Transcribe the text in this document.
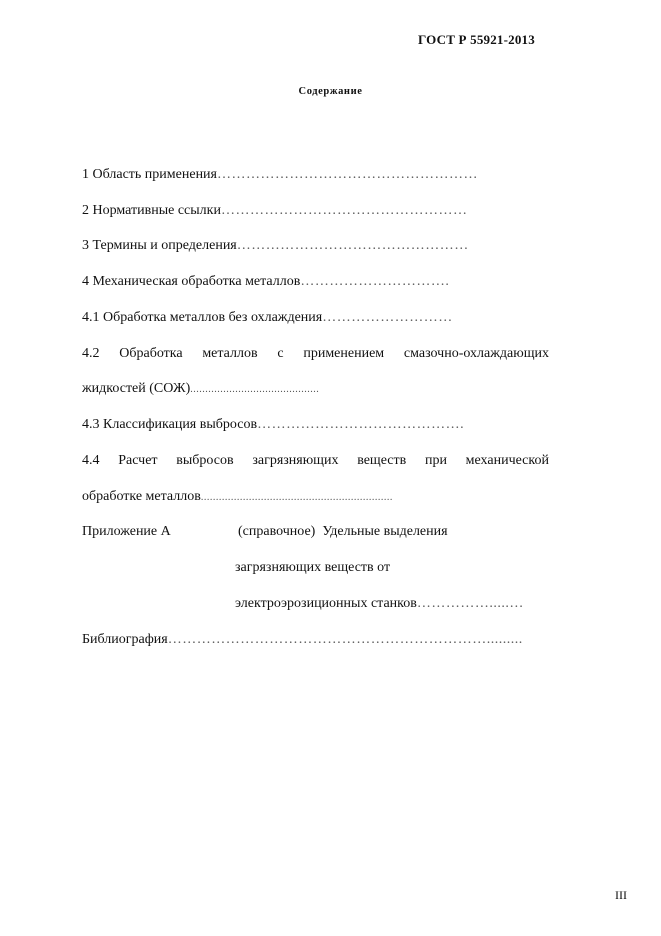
ГОСТ Р 55921-2013
Содержание
1 Область применения………………………………………………
2 Нормативные ссылки……………………………………………
3 Термины и определения…………………………………………
4 Механическая обработка металлов………………………….
4.1 Обработка металлов без охлаждения………………………
4.2 Обработка металлов с применением смазочно-охлаждающих
жидкостей (СОЖ)...........................................
4.3 Классификация выбросов…………………………………….
4.4 Расчет выбросов загрязняющих веществ при механической
обработке металлов................................................................
Приложение А	(справочное)  Удельные выделения
загрязняющих веществ от
электроэрозиционных станков…………….....…
Библиография………………………………………………………….........
III
